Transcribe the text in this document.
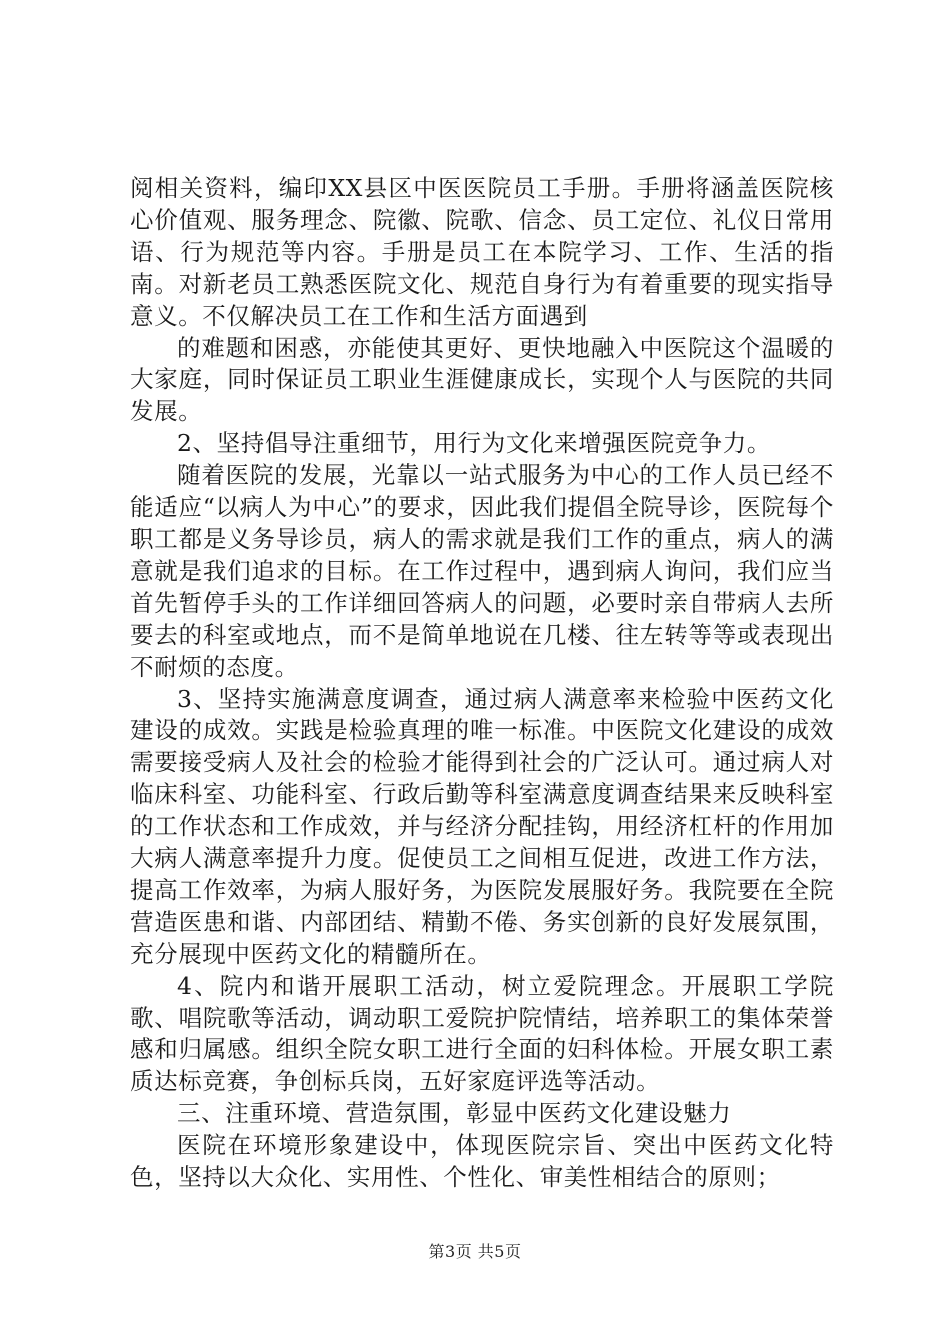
阅相关资料，编印XX县区中医医院员工手册。手册将涵盖医院核心价值观、服务理念、院徽、院歌、信念、员工定位、礼仪日常用语、行为规范等内容。手册是员工在本院学习、工作、生活的指南。对新老员工熟悉医院文化、规范自身行为有着重要的现实指导意义。不仅解决员工在工作和生活方面遇到

的难题和困惑，亦能使其更好、更快地融入中医院这个温暖的大家庭，同时保证员工职业生涯健康成长，实现个人与医院的共同发展。

2、坚持倡导注重细节，用行为文化来增强医院竞争力。

随着医院的发展，光靠以一站式服务为中心的工作人员已经不能适应“以病人为中心”的要求，因此我们提倡全院导诊，医院每个职工都是义务导诊员，病人的需求就是我们工作的重点，病人的满意就是我们追求的目标。在工作过程中，遇到病人询问，我们应当首先暂停手头的工作详细回答病人的问题，必要时亲自带病人去所要去的科室或地点，而不是简单地说在几楼、往左转等等或表现出不耐烦的态度。

3、坚持实施满意度调查，通过病人满意率来检验中医药文化建设的成效。实践是检验真理的唯一标准。中医院文化建设的成效需要接受病人及社会的检验才能得到社会的广泛认可。通过病人对临床科室、功能科室、行政后勤等科室满意度调查结果来反映科室的工作状态和工作成效，并与经济分配挂钩，用经济杠杆的作用加大病人满意率提升力度。促使员工之间相互促进，改进工作方法，提高工作效率，为病人服好务，为医院发展服好务。我院要在全院营造医患和谐、内部团结、精勤不倦、务实创新的良好发展氛围，充分展现中医药文化的精髓所在。

4、院内和谐开展职工活动，树立爱院理念。开展职工学院歌、唱院歌等活动，调动职工爱院护院情结，培养职工的集体荣誉感和归属感。组织全院女职工进行全面的妇科体检。开展女职工素质达标竞赛，争创标兵岗，五好家庭评选等活动。

三、注重环境、营造氛围，彰显中医药文化建设魅力

医院在环境形象建设中，体现医院宗旨、突出中医药文化特色，坚持以大众化、实用性、个性化、审美性相结合的原则；

第3页 共5页
